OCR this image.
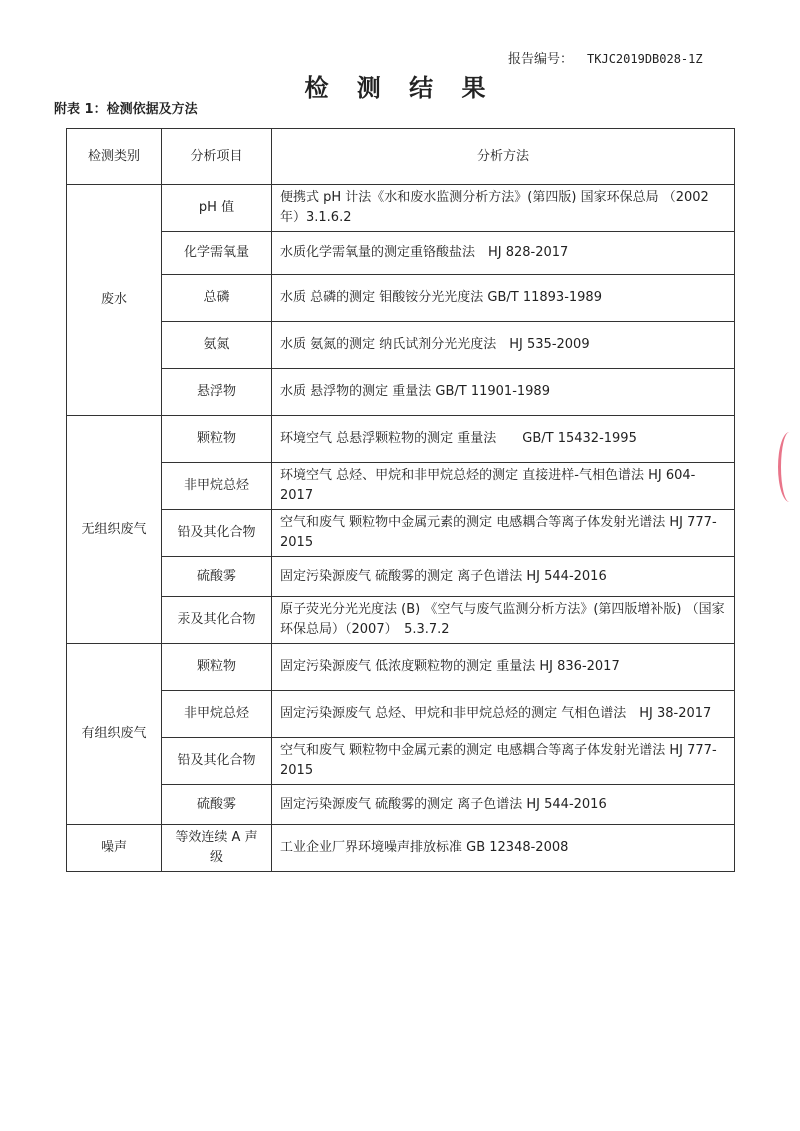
报告编号： TKJC2019DB028-1Z
检 测 结 果
附表 1：检测依据及方法
检测类别	分析项目	分析方法
废水	pH 值	便携式 pH 计法《水和废水监测分析方法》(第四版) 国家环保总局 （2002 年）3.1.6.2
	化学需氧量	水质化学需氧量的测定重铬酸盐法　HJ 828-2017
	总磷	水质 总磷的测定 钼酸铵分光光度法 GB/T 11893-1989
	氨氮	水质 氨氮的测定 纳氏试剂分光光度法　HJ 535-2009
	悬浮物	水质 悬浮物的测定 重量法 GB/T 11901-1989
无组织废气	颗粒物	环境空气 总悬浮颗粒物的测定 重量法　　GB/T 15432-1995
	非甲烷总烃	环境空气 总烃、甲烷和非甲烷总烃的测定 直接进样-气相色谱法 HJ 604-2017
	铅及其化合物	空气和废气 颗粒物中金属元素的测定 电感耦合等离子体发射光谱法 HJ 777-2015
	硫酸雾	固定污染源废气 硫酸雾的测定 离子色谱法 HJ 544-2016
	汞及其化合物	原子荧光分光光度法 (B) 《空气与废气监测分析方法》(第四版增补版) （国家环保总局）（2007）　5.3.7.2
有组织废气	颗粒物	固定污染源废气 低浓度颗粒物的测定 重量法 HJ 836-2017
	非甲烷总烃	固定污染源废气 总烃、甲烷和非甲烷总烃的测定 气相色谱法　HJ 38-2017
	铅及其化合物	空气和废气 颗粒物中金属元素的测定 电感耦合等离子体发射光谱法 HJ 777-2015
	硫酸雾	固定污染源废气 硫酸雾的测定 离子色谱法 HJ 544-2016
噪声	等效连续 A 声级	工业企业厂界环境噪声排放标准 GB 12348-2008
